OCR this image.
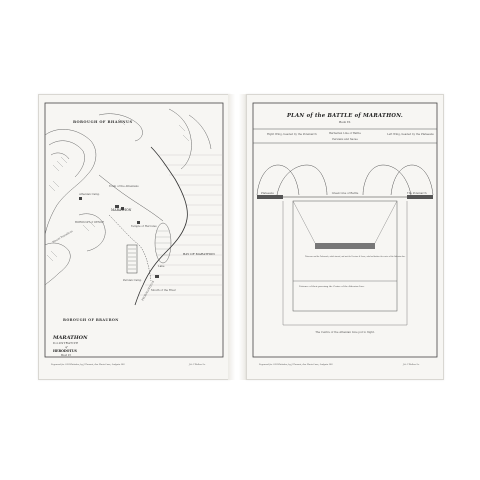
BOROUGH OF RHAMNUS
MARATHON
BAY OF MARATHON
PROBALINTHUS
Persian Camp
Athenian Camp
Temple of Hercules
Lake
Mount Pentelicus
Mouth of the River
BOROUGH of OENOE
Tomb of the Athenians
BOROUGH OF BRAURON
MARATHON
ILLUSTRATIVE
of
HERODOTUS
Book VI.
Engraved for G.B.Whittaker, by J.Clement, Ave Maria Lane, Ludgate Hill.	J.& C.Walker Sc.
PLAN of the BATTLE of MARATHON.
Book VI.
Right Wing, headed by the Polemarch	Left Wing, headed by the Plataeans
Barbarian Line of Battle
Persians and Sacae
Plataeans	The Polemarch
Greek Line of Battle
Plataeans and the Polemarch, which turned, and met the Persians & Sacae, who had broken the centre of the Athenian line.
Distance of their pursuing the Centre of the Athenian Line.
The Centre of the Athenian Line put to flight.
Engraved for G.B.Whittaker, by J.Clement, Ave Maria Lane, Ludgate Hill.	J.& C.Walker Sc.
